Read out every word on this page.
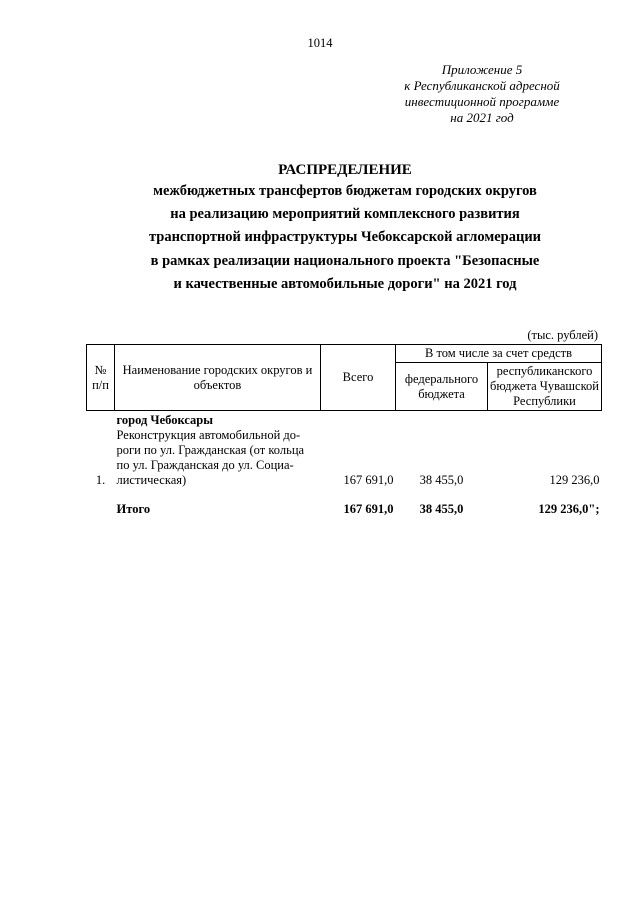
1014
Приложение 5
к Республиканской адресной
инвестиционной программе
на 2021 год
РАСПРЕДЕЛЕНИЕ
межбюджетных трансфертов бюджетам городских округов
на реализацию мероприятий комплексного развития
транспортной инфраструктуры Чебоксарской агломерации
в рамках реализации национального проекта "Безопасные
и качественные автомобильные дороги" на 2021 год
(тыс. рублей)
№ п/п	Наименование городских округов и объектов	Всего	В том числе за счет средств	
			федерального бюджета	республиканского бюджета Чувашской Республики
	город Чебоксары			
1.	Реконструкция автомобильной до-
роги по ул. Гражданская (от кольца
по ул. Гражданская до ул. Социа-
листическая)	167 691,0	38 455,0	129 236,0

	Итого	167 691,0	38 455,0	129 236,0";
